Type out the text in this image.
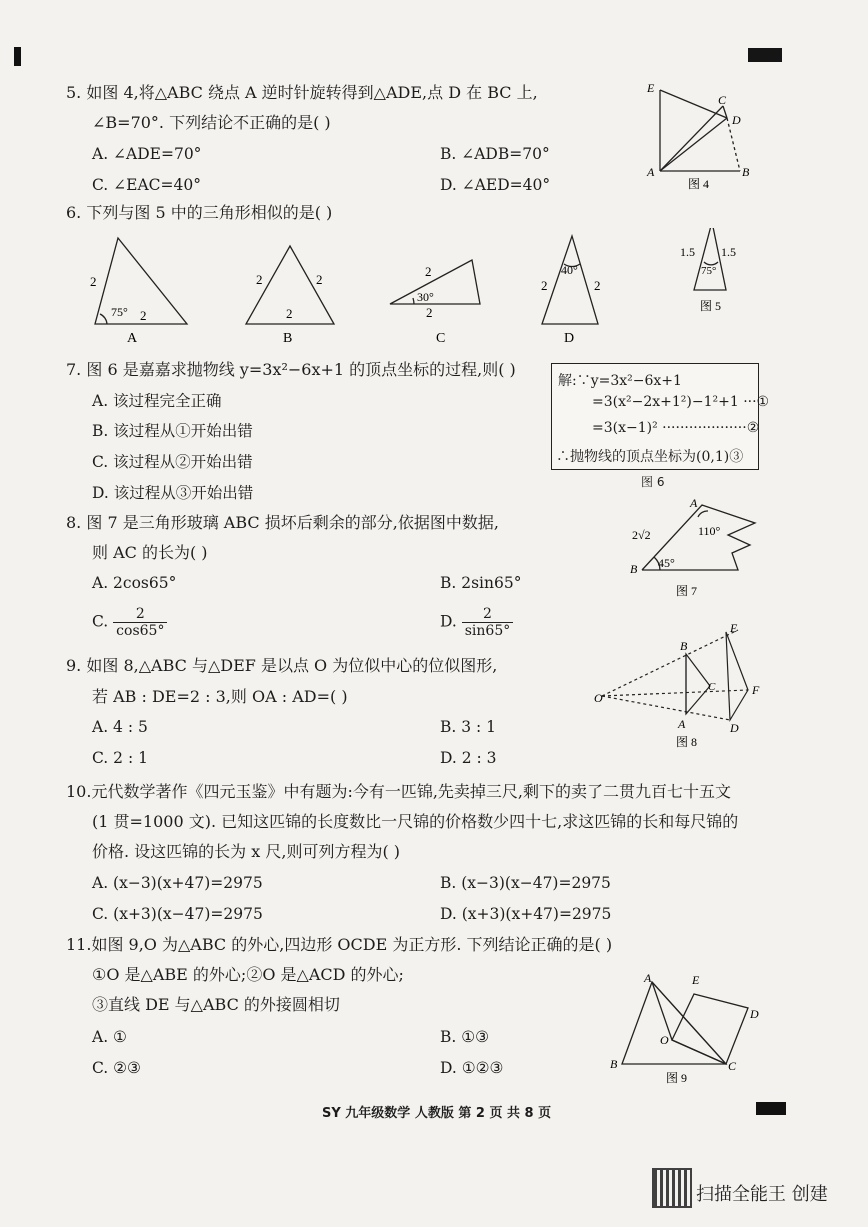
5. 如图 4,将△ABC 绕点 A 逆时针旋转得到△ADE,点 D 在 BC 上,
∠B=70°. 下列结论不正确的是( )
A. ∠ADE=70°	B. ∠ADB=70°
C. ∠EAC=40°	D. ∠AED=40°
E
C
D
A	B
图 4
6. 下列与图 5 中的三角形相似的是( )
2
2
75°
A
2	2
2
B
2
2
30°
C
2	2
40°
D
1.5 1.5
75°
图 5
7. 图 6 是嘉嘉求抛物线 y=3x²−6x+1 的顶点坐标的过程,则( )
A. 该过程完全正确
B. 该过程从①开始出错
C. 该过程从②开始出错
D. 该过程从③开始出错
解:∵y=3x²−6x+1
=3(x²−2x+1²)−1²+1 ···①
=3(x−1)² ···················②
∴抛物线的顶点坐标为(0,1)③
图 6
8. 图 7 是三角形玻璃 ABC 损坏后剩余的部分,依据图中数据,
则 AC 的长为( )
A. 2cos65°	B. 2sin65°
C. $\frac{2}{\cos 65^\circ}$	D. $\frac{2}{\sin 65^\circ}$
2√2
A
110°
B 45°
图 7
9. 如图 8,△ABC 与△DEF 是以点 O 为位似中心的位似图形,
若 AB : DE=2 : 3,则 OA : AD=( )
A. 4 : 5	B. 3 : 1
C. 2 : 1	D. 2 : 3
O
B
C
A
E
F
D
图 8
10.元代数学著作《四元玉鉴》中有题为:今有一匹锦,先卖掉三尺,剩下的卖了二贯九百七十五文
(1 贯=1000 文). 已知这匹锦的长度数比一尺锦的价格数少四十七,求这匹锦的长和每尺锦的
价格. 设这匹锦的长为 x 尺,则可列方程为( )
A. (x−3)(x+47)=2975	B. (x−3)(x−47)=2975
C. (x+3)(x−47)=2975	D. (x+3)(x+47)=2975
11.如图 9,O 为△ABC 的外心,四边形 OCDE 为正方形. 下列结论正确的是( )
①O 是△ABE 的外心;②O 是△ACD 的外心;
③直线 DE 与△ABC 的外接圆相切
A. ①	B. ①③
C. ②③	D. ①②③
A	E
D
O
B	C
图 9
SY 九年级数学 人教版 第 2 页 共 8 页
扫描全能王 创建
